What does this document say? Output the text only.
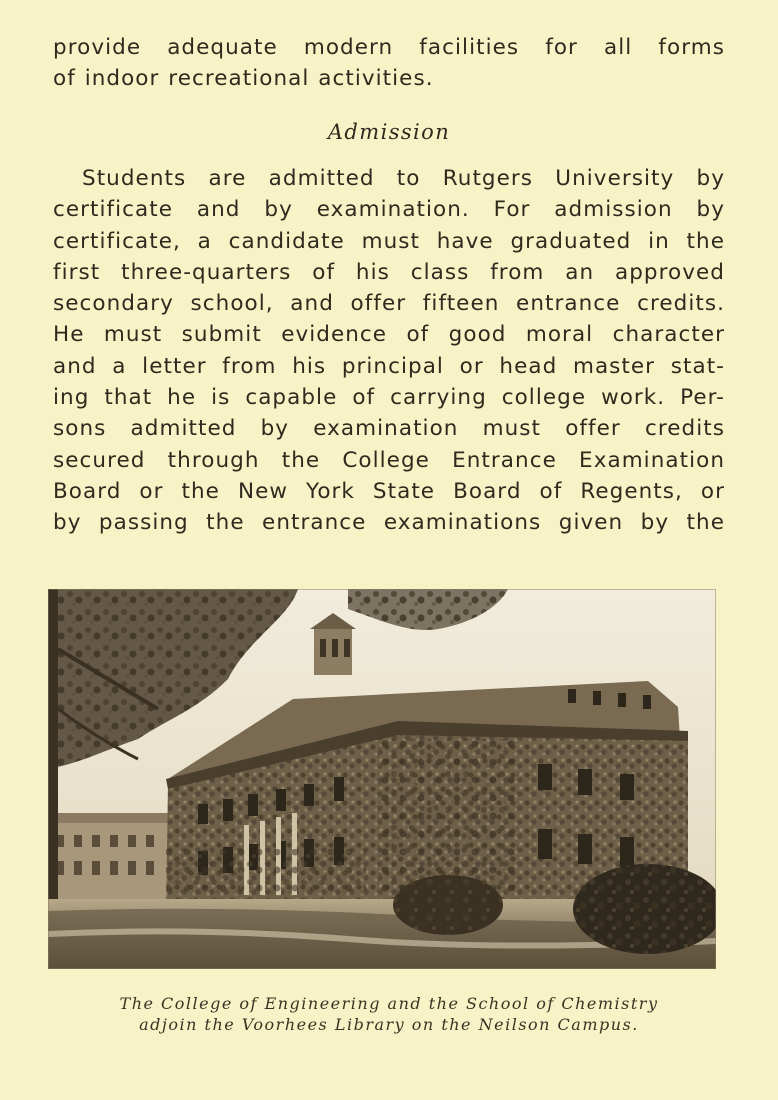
provide adequate modern facilities for all forms
of indoor recreational activities.
Admission
Students are admitted to Rutgers University by
certificate and by examination. For admission by
certificate, a candidate must have graduated in the
first three-quarters of his class from an approved
secondary school, and offer fifteen entrance credits.
He must submit evidence of good moral character
and a letter from his principal or head master stat-
ing that he is capable of carrying college work. Per-
sons admitted by examination must offer credits
secured through the College Entrance Examination
Board or the New York State Board of Regents, or
by passing the entrance examinations given by the
The College of Engineering and the School of Chemistry
adjoin the Voorhees Library on the Neilson Campus.
